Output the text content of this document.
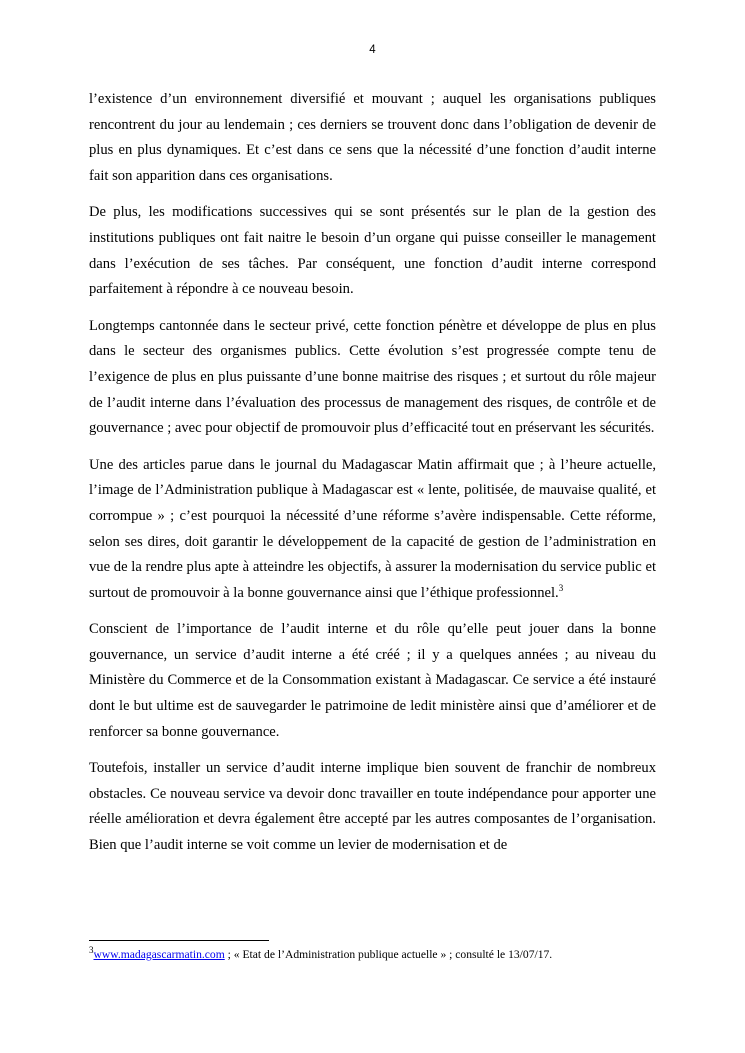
4

l’existence d’un environnement diversifié et mouvant ; auquel les organisations publiques rencontrent du jour au lendemain ; ces derniers se trouvent donc dans l’obligation de devenir de plus en plus dynamiques. Et c’est dans ce sens que la nécessité d’une fonction d’audit interne fait son apparition dans ces organisations.

De plus, les modifications successives qui se sont présentés sur le plan de la gestion des institutions publiques ont fait naitre le besoin d’un organe qui puisse conseiller le management dans l’exécution de ses tâches. Par conséquent, une fonction d’audit interne correspond parfaitement à répondre à ce nouveau besoin.

Longtemps cantonnée dans le secteur privé, cette fonction pénètre et développe de plus en plus dans le secteur des organismes publics. Cette évolution s’est progressée compte tenu de l’exigence de plus en plus puissante d’une bonne maitrise des risques ; et surtout du rôle majeur de l’audit interne dans l’évaluation des processus de management des risques, de contrôle et de gouvernance ; avec pour objectif de promouvoir plus d’efficacité tout en préservant les sécurités.

Une des articles parue dans le journal du Madagascar Matin affirmait que ; à l’heure actuelle, l’image de l’Administration publique à Madagascar est « lente, politisée, de mauvaise qualité, et corrompue » ; c’est pourquoi la nécessité d’une réforme s’avère indispensable. Cette réforme, selon ses dires, doit garantir le développement de la capacité de gestion de l’administration en vue de la rendre plus apte à atteindre les objectifs, à assurer la modernisation du service public et surtout de promouvoir à la bonne gouvernance ainsi que l’éthique professionnel.$^3$

Conscient de l’importance de l’audit interne et du rôle qu’elle peut jouer dans la bonne gouvernance, un service d’audit interne a été créé ; il y a quelques années ; au niveau du Ministère du Commerce et de la Consommation existant à Madagascar. Ce service a été instauré dont le but ultime est de sauvegarder le patrimoine de ledit ministère ainsi que d’améliorer et de renforcer sa bonne gouvernance.

Toutefois, installer un service d’audit interne implique bien souvent de franchir de nombreux obstacles. Ce nouveau service va devoir donc travailler en toute indépendance pour apporter une réelle amélioration et devra également être accepté par les autres composantes de l’organisation. Bien que l’audit interne se voit comme un levier de modernisation et de

$^3$www.madagascarmatin.com ; « Etat de l’Administration publique actuelle » ; consulté le 13/07/17.
